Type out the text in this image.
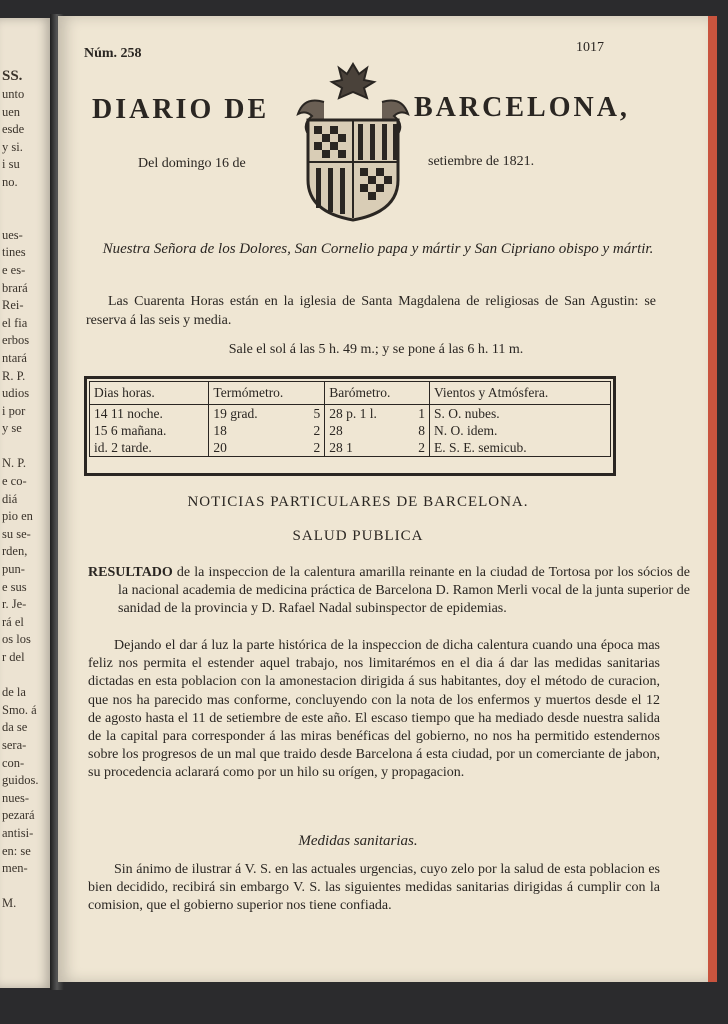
SS.
unto
uen
esde
y si.
i su
no.

ues-
tines
e es-
brará
Rei-
el fia
erbos
ntará
R. P.
udios
i por
y se

N. P.
e co-
diá
pio en
su se-
rden,
pun-
e sus
r. Je-
rá el
os los
r del

de la
Smo. á
da se
sera-
con-
guidos.
nues-
pezará
antisi-
en: se
men-

M.
Núm. 258	1017
DIARIO DE	BARCELONA,
Del domingo 16 de	setiembre de 1821.
Nuestra Señora de los Dolores, San Cornelio papa y mártir y San Cipriano obispo y mártir.
Las Cuarenta Horas están en la iglesia de Santa Magdalena de religiosas de San Agustin: se reserva á las seis y media.
Sale el sol á las 5 h. 49 m.; y se pone á las 6 h. 11 m.
Dias horas.	Termómetro.		Barómetro.		Vientos y Atmósfera.
14 11 noche.	19 grad.	5	28 p. 1 l.	1	S. O. nubes.
15 6 mañana.	18	2	28	8	N. O. idem.
id. 2 tarde.	20	2	28 1	2	E. S. E. semicub.
NOTICIAS PARTICULARES DE BARCELONA.
SALUD PUBLICA
RESULTADO de la inspeccion de la calentura amarilla reinante en la ciudad de Tortosa por los sócios de la nacional academia de medicina práctica de Barcelona D. Ramon Merli vocal de la junta superior de sanidad de la provincia y D. Rafael Nadal subinspector de epidemias.
Dejando el dar á luz la parte histórica de la inspeccion de dicha calentura cuando una época mas feliz nos permita el estender aquel trabajo, nos limitarémos en el dia á dar las medidas sanitarias dictadas en esta poblacion con la amonestacion dirigida á sus habitantes, doy el método de curacion, que nos ha parecido mas conforme, concluyendo con la nota de los enfermos y muertos desde el 12 de agosto hasta el 11 de setiembre de este año. El escaso tiempo que ha mediado desde nuestra salida de la capital para corresponder á las miras benéficas del gobierno, no nos ha permitido estendernos sobre los progresos de un mal que traido desde Barcelona á esta ciudad, por un comerciante de jabon, su procedencia aclarará como por un hilo su orígen, y propagacion.
Medidas sanitarias.
Sin ánimo de ilustrar á V. S. en las actuales urgencias, cuyo zelo por la salud de esta poblacion es bien decidido, recibirá sin embargo V. S. las siguientes medidas sanitarias dirigidas á cumplir con la comision, que el gobierno superior nos tiene confiada.
